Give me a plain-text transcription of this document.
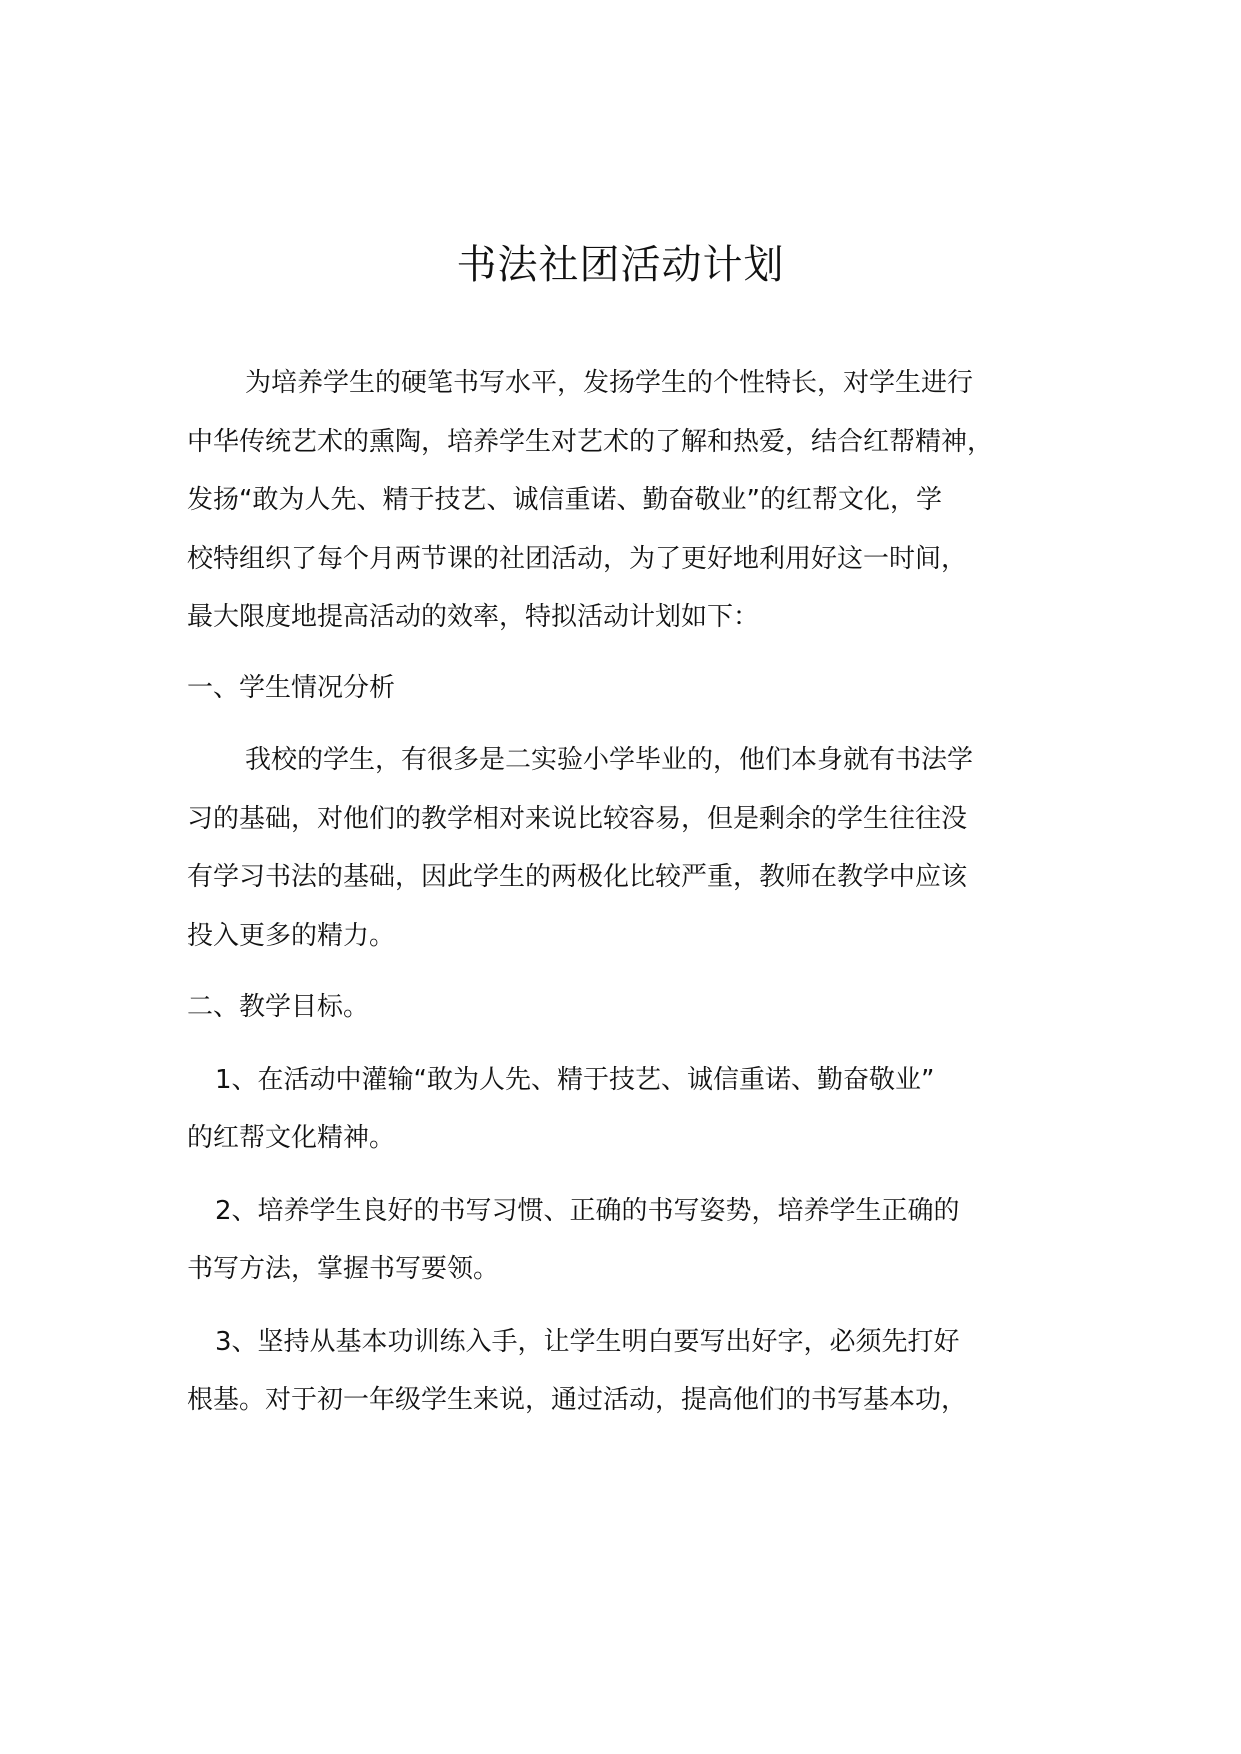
书法社团活动计划
为培养学生的硬笔书写水平，发扬学生的个性特长，对学生进行
中华传统艺术的熏陶，培养学生对艺术的了解和热爱，结合红帮精神，
发扬“敢为人先、精于技艺、诚信重诺、勤奋敬业”的红帮文化，学
校特组织了每个月两节课的社团活动，为了更好地利用好这一时间，
最大限度地提高活动的效率，特拟活动计划如下：
一、学生情况分析
我校的学生，有很多是二实验小学毕业的，他们本身就有书法学
习的基础，对他们的教学相对来说比较容易，但是剩余的学生往往没
有学习书法的基础，因此学生的两极化比较严重，教师在教学中应该
投入更多的精力。
二、教学目标。
1、在活动中灌输“敢为人先、精于技艺、诚信重诺、勤奋敬业”
的红帮文化精神。
2、培养学生良好的书写习惯、正确的书写姿势，培养学生正确的
书写方法，掌握书写要领。
3、坚持从基本功训练入手，让学生明白要写出好字，必须先打好
根基。对于初一年级学生来说，通过活动，提高他们的书写基本功，
